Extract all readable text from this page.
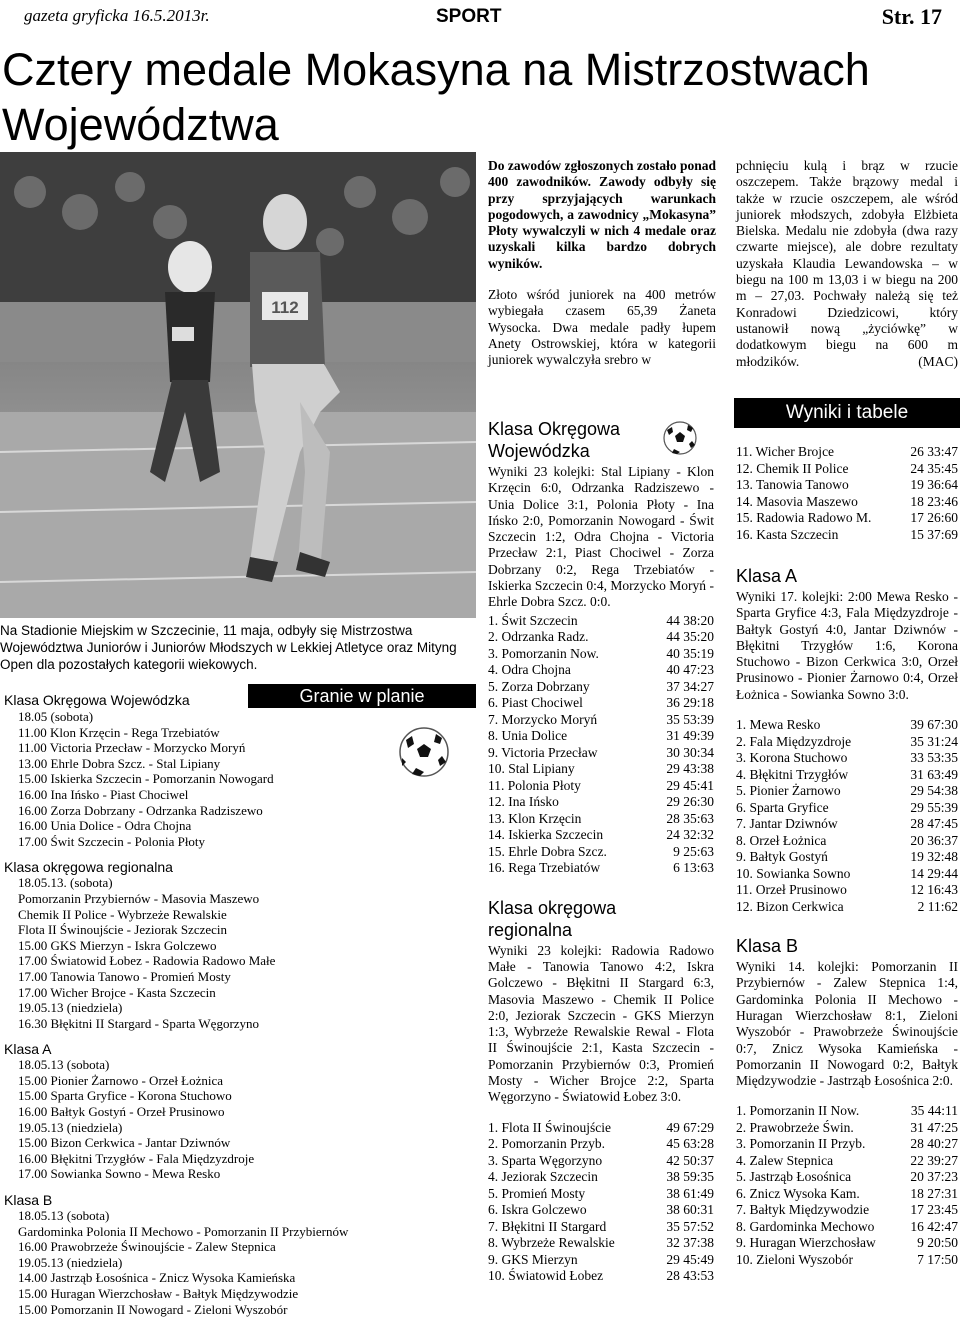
gazeta gryficka 16.5.2013r.	SPORT	Str. 17
Cztery medale Mokasyna na Mistrzostwach Województwa
112
Na Stadionie Miejskim w Szczecinie, 11 maja, odbyły się Mistrzostwa Województwa Juniorów i Juniorów Młodszych w Lekkiej Atletyce oraz Mityng Open dla pozostałych kategorii wiekowych.
Granie w planie
Klasa Okręgowa Wojewódzka
18.05 (sobota)
11.00 Klon Krzęcin - Rega Trzebiatów
11.00 Victoria Przecław - Morzycko Moryń
13.00 Ehrle Dobra Szcz. - Stal Lipiany
15.00 Iskierka Szczecin - Pomorzanin Nowogard
16.00 Ina Ińsko - Piast Chociwel
16.00 Zorza Dobrzany - Odrzanka Radziszewo
16.00 Unia Dolice - Odra Chojna
17.00 Świt Szczecin - Polonia Płoty
Klasa okręgowa regionalna
18.05.13. (sobota)
Pomorzanin Przybiernów - Masovia Maszewo
Chemik II Police - Wybrzeże Rewalskie
Flota II Świnoujście - Jeziorak Szczecin
15.00 GKS Mierzyn - Iskra Golczewo
17.00 Światowid Łobez - Radowia Radowo Małe
17.00 Tanowia Tanowo - Promień Mosty
17.00 Wicher Brojce - Kasta Szczecin
19.05.13 (niedziela)
16.30 Błękitni II Stargard - Sparta Węgorzyno
Klasa A
18.05.13 (sobota)
15.00 Pionier Żarnowo - Orzeł Łożnica
15.00 Sparta Gryfice - Korona Stuchowo
16.00 Bałtyk Gostyń - Orzeł Prusinowo
19.05.13 (niedziela)
15.00 Bizon Cerkwica - Jantar Dziwnów
16.00 Błękitni Trzygłów - Fala Międzyzdroje
17.00 Sowianka Sowno - Mewa Resko
Klasa B
18.05.13 (sobota)
Gardominka Polonia II Mechowo - Pomorzanin II Przybiernów
16.00 Prawobrzeże Świnoujście - Zalew Stepnica
19.05.13 (niedziela)
14.00 Jastrząb Łosośnica - Znicz Wysoka Kamieńska
15.00 Huragan Wierzchosław - Bałtyk Międzywodzie
15.00 Pomorzanin II Nowogard - Zieloni Wyszobór

Do zawodów zgłoszonych zostało ponad 400 zawodników. Zawody odbyły się przy sprzyjających warunkach pogodowych, a zawodnicy „Mokasyna” Płoty wywalczyli w nich 4 medale oraz uzyskali kilka bardzo dobrych wyników.

Złoto wśród juniorek na 400 metrów wybiegała czasem 65,39 Żaneta Wysocka. Dwa medale padły łupem Anety Ostrowskiej, która w kategorii juniorek wywalczyła srebro w

pchnięciu kulą i brąz w rzucie oszczepem. Także brązowy medal i także w rzucie oszczepem, ale wśród juniorek młodszych, zdobyła Elżbieta Bielska. Medalu nie zdobyła (dwa razy czwarte miejsce), ale dobre rezultaty uzyskała Klaudia Lewandowska – w biegu na 100 m 13,03 i w biegu na 200 m – 27,03. Pochwały należą się też Konradowi Dziedzicowi, który ustanowił nową „życiówkę” w dodatkowym biegu na 600 m młodzików.	(MAC)

Wyniki i tabele
Klasa Okręgowa Wojewódzka
Wyniki 23 kolejki: Stal Lipiany - Klon Krzęcin 6:0, Odrzanka Radziszewo - Unia Dolice 3:1, Polonia Płoty - Ina Ińsko 2:0, Pomorzanin Nowogard - Świt Szczecin 1:2, Odra Chojna - Victoria Przecław 2:1, Piast Chociwel - Zorza Dobrzany 0:2, Rega Trzebiatów - Iskierka Szczecin 0:4, Morzycko Moryń - Ehrle Dobra Szcz. 0:0.
1. Świt Szczecin	44 38:20
2. Odrzanka Radz.	44 35:20
3. Pomorzanin Now.	40 35:19
4. Odra Chojna	40 47:23
5. Zorza Dobrzany	37 34:27
6. Piast Chociwel	36 29:18
7. Morzycko Moryń	35 53:39
8. Unia Dolice	31 49:39
9. Victoria Przecław	30 30:34
10. Stal Lipiany	29 43:38
11. Polonia Płoty	29 45:41
12. Ina Ińsko	29 26:30
13. Klon Krzęcin	28 35:63
14. Iskierka Szczecin	24 32:32
15. Ehrle Dobra Szcz.	9 25:63
16. Rega Trzebiatów	6 13:63
Klasa okręgowa regionalna
Wyniki 23 kolejki: Radowia Radowo Małe - Tanowia Tanowo 4:2, Iskra Golczewo - Błękitni II Stargard 6:3, Masovia Maszewo - Chemik II Police 2:0, Jeziorak Szczecin - GKS Mierzyn 1:3, Wybrzeże Rewalskie Rewal - Flota II Świnoujście 2:1, Kasta Szczecin - Pomorzanin Przybiernów 0:3, Promień Mosty - Wicher Brojce 2:2, Sparta Węgorzyno - Światowid Łobez 3:0.
1. Flota II Świnoujście	49 67:29
2. Pomorzanin Przyb.	45 63:28
3. Sparta Węgorzyno	42 50:37
4. Jeziorak Szczecin	38 59:35
5. Promień Mosty	38 61:49
6. Iskra Golczewo	38 60:31
7. Błękitni II Stargard	35 57:52
8. Wybrzeże Rewalskie	32 37:38
9. GKS Mierzyn	29 45:49
10. Światowid Łobez	28 43:53
11. Wicher Brojce	26 33:47
12. Chemik II Police	24 35:45
13. Tanowia Tanowo	19 36:64
14. Masovia Maszewo	18 23:46
15. Radowia Radowo M.	17 26:60
16. Kasta Szczecin	15 37:69
Klasa A
Wyniki 17. kolejki: 2:00 Mewa Resko - Sparta Gryfice 4:3, Fala Międzyzdroje - Bałtyk Gostyń 4:0, Jantar Dziwnów - Błękitni Trzygłów 1:6, Korona Stuchowo - Bizon Cerkwica 3:0, Orzeł Prusinowo - Pionier Żarnowo 0:4, Orzeł Łożnica - Sowianka Sowno 3:0.
1. Mewa Resko	39 67:30
2. Fala Międzyzdroje	35 31:24
3. Korona Stuchowo	33 53:35
4. Błękitni Trzygłów	31 63:49
5. Pionier Żarnowo	29 54:38
6. Sparta Gryfice	29 55:39
7. Jantar Dziwnów	28 47:45
8. Orzeł Łożnica	20 36:37
9. Bałtyk Gostyń	19 32:48
10. Sowianka Sowno	14 29:44
11. Orzeł Prusinowo	12 16:43
12. Bizon Cerkwica	2 11:62
Klasa B
Wyniki 14. kolejki: Pomorzanin II Przybiernów - Zalew Stepnica 1:4, Gardominka Polonia II Mechowo - Huragan Wierzchosław 8:1, Zieloni Wyszobór - Prawobrzeże Świnoujście 0:7, Znicz Wysoka Kamieńska - Pomorzanin II Nowogard 0:2, Bałtyk Międzywodzie - Jastrząb Łosośnica 2:0.
1. Pomorzanin II Now.	35 44:11
2. Prawobrzeże Świn.	31 47:25
3. Pomorzanin II Przyb.	28 40:27
4. Zalew Stepnica	22 39:27
5. Jastrząb Łosośnica	20 37:23
6. Znicz Wysoka Kam.	18 27:31
7. Bałtyk Międzywodzie	17 23:45
8. Gardominka Mechowo	16 42:47
9. Huragan Wierzchosław	9 20:50
10. Zieloni Wyszobór	7 17:50
